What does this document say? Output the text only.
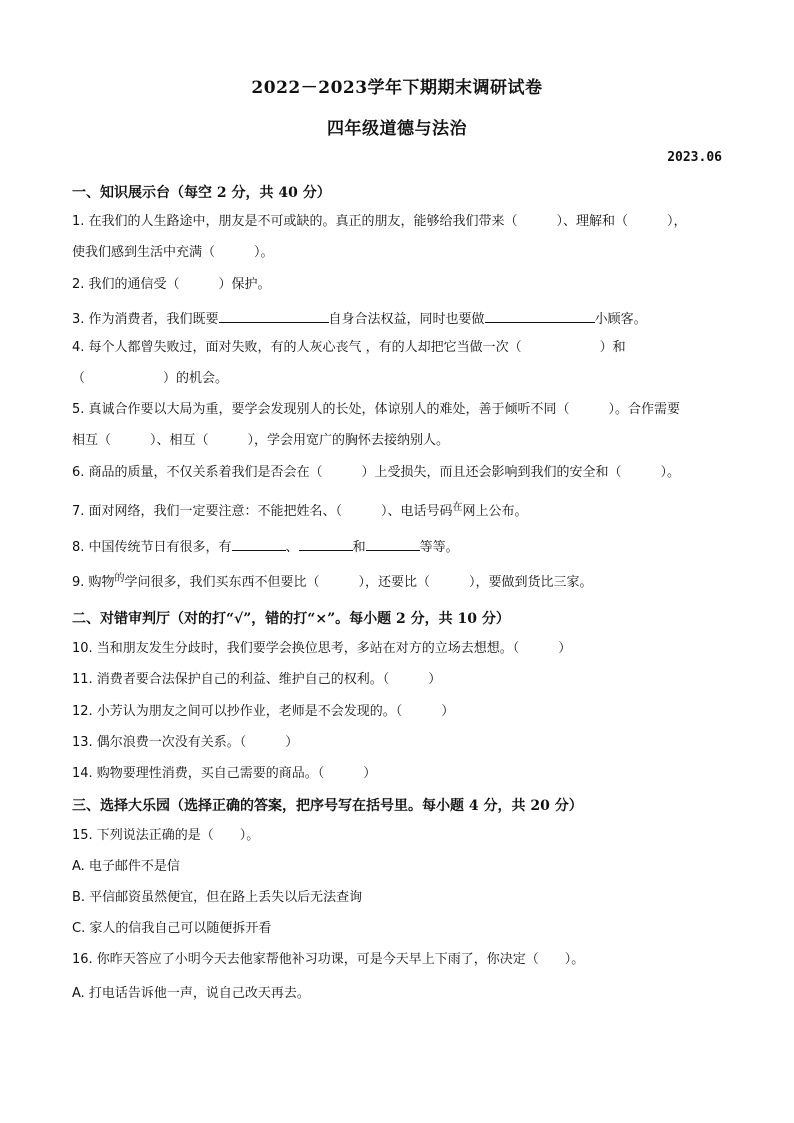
2022－2023学年下期期末调研试卷
四年级道德与法治
2023.06
一、知识展示台（每空 2 分，共 40 分）
1. 在我们的人生路途中，朋友是不可或缺的。真正的朋友，能够给我们带来（　　　）、理解和（　　　），
使我们感到生活中充满（　　　）。
2. 我们的通信受（　　　）保护。
3. 作为消费者，我们既要	自身合法权益，同时也要做	小顾客。
4. 每个人都曾失败过，面对失败，有的人灰心丧气 ，有的人却把它当做一次（　　　　　　）和
（　　　　　　）的机会。
5. 真诚合作要以大局为重，要学会发现别人的长处，体谅别人的难处，善于倾听不同（　　　）。合作需要
相互（　　　）、相互（　　　），学会用宽广的胸怀去接纳别人。
6. 商品的质量，不仅关系着我们是否会在（　　　）上受损失，而且还会影响到我们的安全和（　　　）。
7. 面对网络，我们一定要注意：不能把姓名、（　　　）、电话号码$^在$网上公布。
8. 中国传统节日有很多，有	、	和	等等。
9. 购物$^的$学问很多，我们买东西不但要比（　　　），还要比（　　　），要做到货比三家。
二、对错审判厅（对的打“√”，错的打“×”。每小题 2 分，共 10 分）
10. 当和朋友发生分歧时，我们要学会换位思考，多站在对方的立场去想想。（　　　）
11. 消费者要合法保护自己的利益、维护自己的权利。（　　　）
12. 小芳认为朋友之间可以抄作业，老师是不会发现的。（　　　）
13. 偶尔浪费一次没有关系。（　　　）
14. 购物要理性消费，买自己需要的商品。（　　　）
三、选择大乐园（选择正确的答案，把序号写在括号里。每小题 4 分，共 20 分）
15. 下列说法正确的是（　　）。
A. 电子邮件不是信
B. 平信邮资虽然便宜，但在路上丢失以后无法查询
C. 家人的信我自己可以随便拆开看
16. 你昨天答应了小明今天去他家帮他补习功课，可是今天早上下雨了，你决定（　　）。
A. 打电话告诉他一声，说自己改天再去。
